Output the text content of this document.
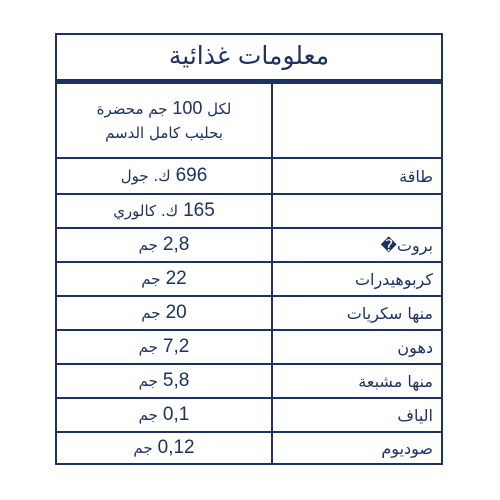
معلومات غذائية
لكل 100 جم محضرة
بحليب كامل الدسم
طاقة
696
ك. جول
165
ك. كالوري
بروت�
2,8
جم
كربوهيدرات
22
جم
منها سكريات
20
جم
دهون
7,2
جم
منها مشبعة
5,8
جم
الياف
0,1
جم
صوديوم
0,12
جم
